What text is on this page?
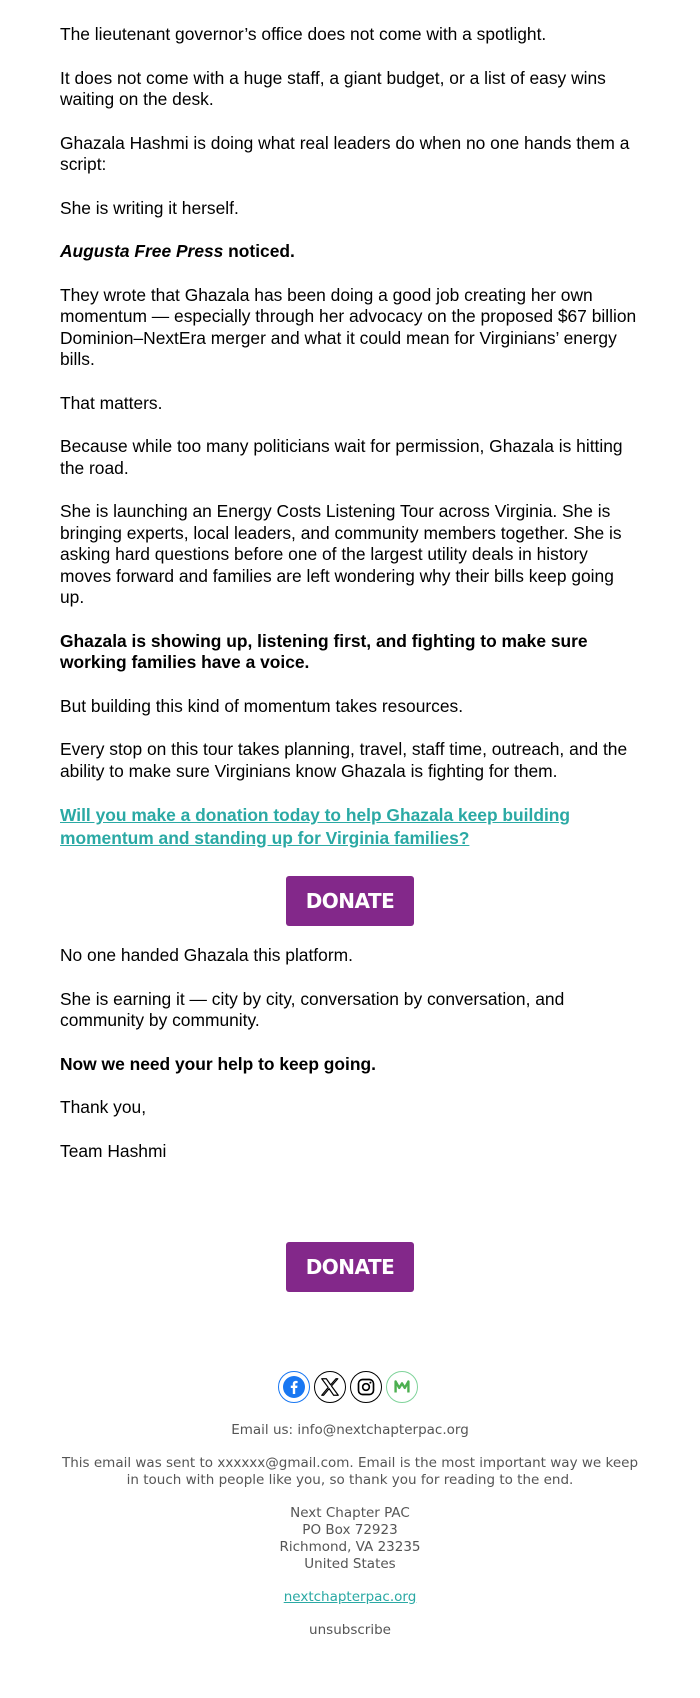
The lieutenant governor’s office does not come with a spotlight.

It does not come with a huge staff, a giant budget, or a list of easy wins waiting on the desk.

Ghazala Hashmi is doing what real leaders do when no one hands them a script:

She is writing it herself.

Augusta Free Press noticed.

They wrote that Ghazala has been doing a good job creating her own momentum — especially through her advocacy on the proposed $67 billion Dominion–NextEra merger and what it could mean for Virginians’ energy bills.

That matters.

Because while too many politicians wait for permission, Ghazala is hitting the road.

She is launching an Energy Costs Listening Tour across Virginia. She is bringing experts, local leaders, and community members together. She is asking hard questions before one of the largest utility deals in history moves forward and families are left wondering why their bills keep going up.

Ghazala is showing up, listening first, and fighting to make sure working families have a voice.

But building this kind of momentum takes resources.

Every stop on this tour takes planning, travel, staff time, outreach, and the ability to make sure Virginians know Ghazala is fighting for them.

Will you make a donation today to help Ghazala keep building momentum and standing up for Virginia families?
DONATE

No one handed Ghazala this platform.

She is earning it — city by city, conversation by conversation, and community by community.

Now we need your help to keep going.

Thank you,

Team Hashmi

DONATE
Email us: info@nextchapterpac.org
This email was sent to xxxxxx@gmail.com. Email is the most important way we keep
in touch with people like you, so thank you for reading to the end.
Next Chapter PAC
PO Box 72923
Richmond, VA 23235
United States
nextchapterpac.org
unsubscribe
